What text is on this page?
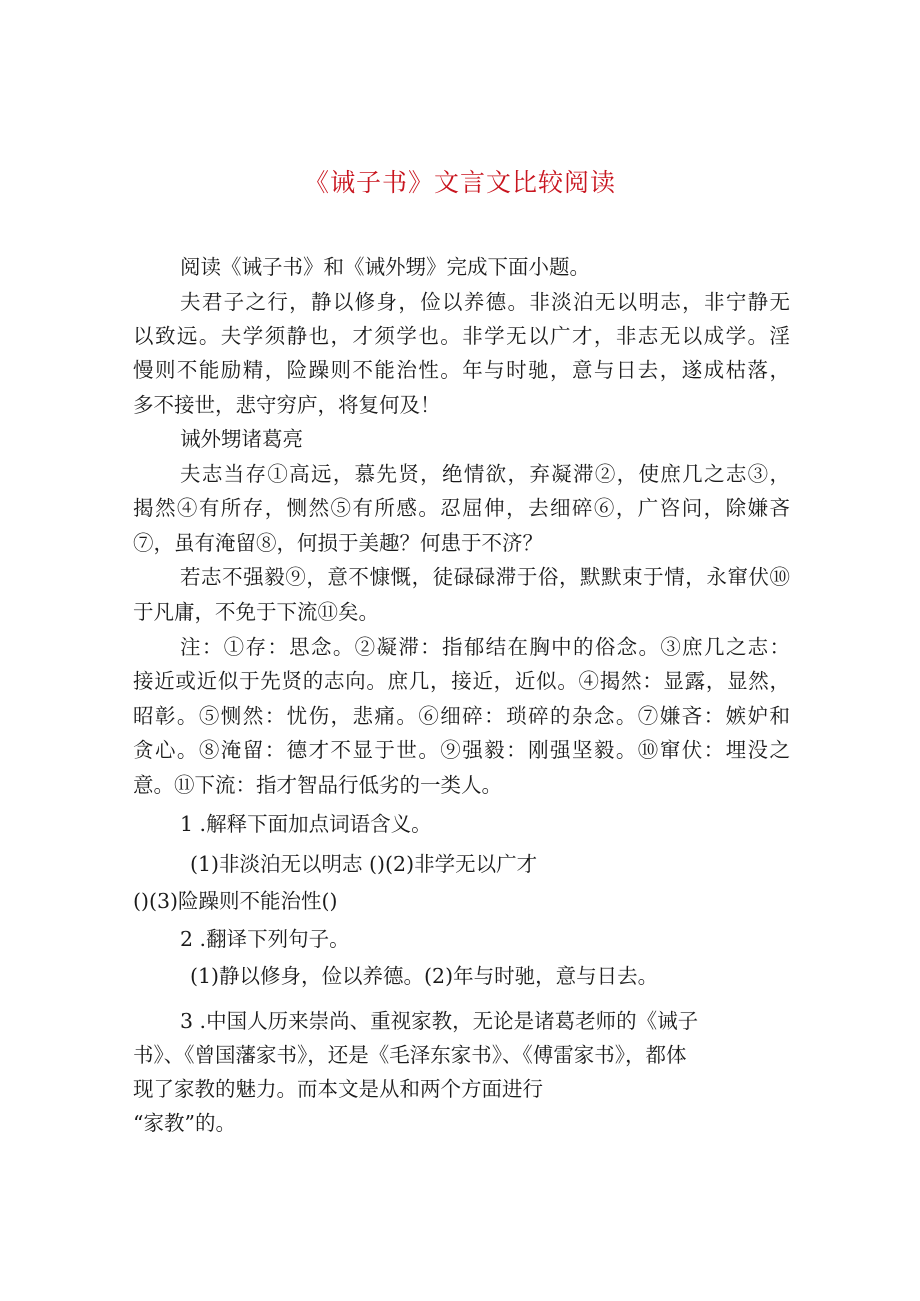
《诫子书》文言文比较阅读
阅读《诫子书》和《诫外甥》完成下面小题。
夫君子之行，静以修身，俭以养德。非淡泊无以明志，非宁静无
以致远。夫学须静也，才须学也。非学无以广才，非志无以成学。淫
慢则不能励精，险躁则不能治性。年与时驰，意与日去，遂成枯落，
多不接世，悲守穷庐，将复何及！
诫外甥诸葛亮
夫志当存①高远，慕先贤，绝情欲，弃凝滞②，使庶几之志③，
揭然④有所存，恻然⑤有所感。忍屈伸，去细碎⑥，广咨问，除嫌吝
⑦，虽有淹留⑧，何损于美趣？何患于不济？
若志不强毅⑨，意不慷慨，徒碌碌滞于俗，默默束于情，永窜伏⑩
于凡庸，不免于下流⑪矣。
注：①存：思念。②凝滞：指郁结在胸中的俗念。③庶几之志：
接近或近似于先贤的志向。庶几，接近，近似。④揭然：显露，显然，
昭彰。⑤恻然：忧伤，悲痛。⑥细碎：琐碎的杂念。⑦嫌吝：嫉妒和
贪心。⑧淹留：德才不显于世。⑨强毅：刚强坚毅。⑩窜伏：埋没之
意。⑪下流：指才智品行低劣的一类人。
1 .解释下面加点词语含义。
(1)非淡泊无以明志 ()(2)非学无以广才
()(3)险躁则不能治性()
2 .翻译下列句子。
(1)静以修身，俭以养德。(2)年与时驰，意与日去。
3 .中国人历来崇尚、重视家教，无论是诸葛老师的《诫子
书》、《曾国藩家书》，还是《毛泽东家书》、《傅雷家书》，都体
现了家教的魅力。而本文是从和两个方面进行
“家教”的。
